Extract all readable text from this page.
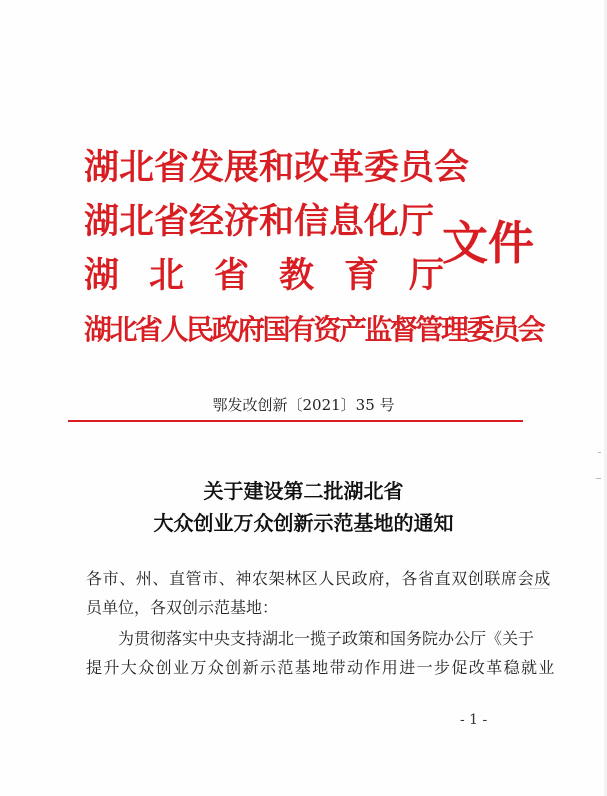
湖北省发展和改革委员会
湖北省经济和信息化厅
湖北省教育厅
湖北省人民政府国有资产监督管理委员会
文件
鄂发改创新〔2021〕35 号
关于建设第二批湖北省
大众创业万众创新示范基地的通知
各市、州、直管市、神农架林区人民政府，各省直双创联席会成
员单位，各双创示范基地：
为贯彻落实中央支持湖北一揽子政策和国务院办公厅《关于
提升大众创业万众创新示范基地带动作用进一步促改革稳就业
- 1 -
